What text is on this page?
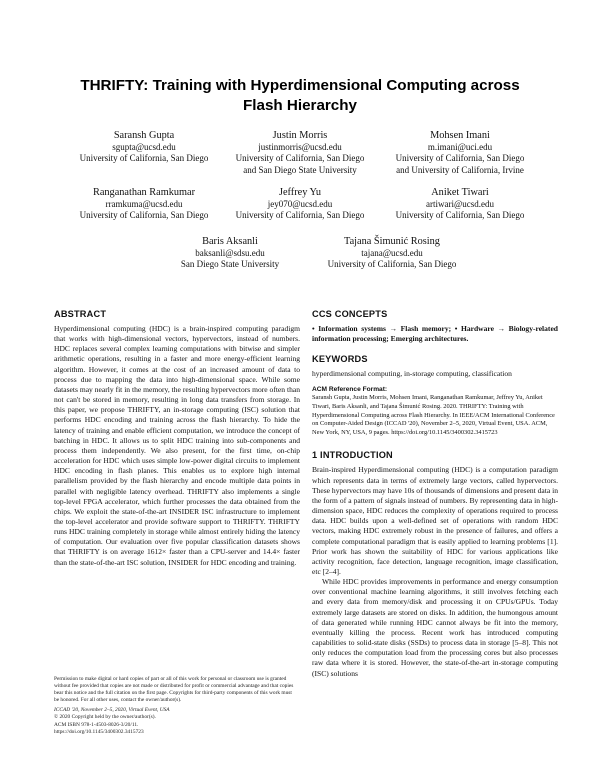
THRIFTY: Training with Hyperdimensional Computing across
Flash Hierarchy
Saransh Gupta
sgupta@ucsd.edu
University of California, San Diego
Justin Morris
justinmorris@ucsd.edu
University of California, San Diego
and San Diego State University
Mohsen Imani
m.imani@uci.edu
University of California, San Diego
and University of California, Irvine
Ranganathan Ramkumar
rramkuma@ucsd.edu
University of California, San Diego
Jeffrey Yu
jey070@ucsd.edu
University of California, San Diego
Aniket Tiwari
artiwari@ucsd.edu
University of California, San Diego
Baris Aksanli
baksanli@sdsu.edu
San Diego State University
Tajana Šimunić Rosing
tajana@ucsd.edu
University of California, San Diego
ABSTRACT

Hyperdimensional computing (HDC) is a brain-inspired computing paradigm that works with high-dimensional vectors, hypervectors, instead of numbers. HDC replaces several complex learning computations with bitwise and simpler arithmetic operations, resulting in a faster and more energy-efficient learning algorithm. However, it comes at the cost of an increased amount of data to process due to mapping the data into high-dimensional space. While some datasets may nearly fit in the memory, the resulting hypervectors more often than not can't be stored in memory, resulting in long data transfers from storage. In this paper, we propose THRIFTY, an in-storage computing (ISC) solution that performs HDC encoding and training across the flash hierarchy. To hide the latency of training and enable efficient computation, we introduce the concept of batching in HDC. It allows us to split HDC training into sub-components and process them independently. We also present, for the first time, on-chip acceleration for HDC which uses simple low-power digital circuits to implement HDC encoding in flash planes. This enables us to explore high internal parallelism provided by the flash hierarchy and encode multiple data points in parallel with negligible latency overhead. THRIFTY also implements a single top-level FPGA accelerator, which further processes the data obtained from the chips. We exploit the state-of-the-art INSIDER ISC infrastructure to implement the top-level accelerator and provide software support to THRIFTY. THRIFTY runs HDC training completely in storage while almost entirely hiding the latency of computation. Our evaluation over five popular classification datasets shows that THRIFTY is on average 1612× faster than a CPU-server and 14.4× faster than the state-of-the-art ISC solution, INSIDER for HDC encoding and training.

Permission to make digital or hard copies of part or all of this work for personal or classroom use is granted without fee provided that copies are not made or distributed for profit or commercial advantage and that copies bear this notice and the full citation on the first page. Copyrights for third-party components of this work must be honored. For all other uses, contact the owner/author(s).

ICCAD '20, November 2–5, 2020, Virtual Event, USA

© 2020 Copyright held by the owner/author(s).

ACM ISBN 978-1-4503-8026-3/20/11.

https://doi.org/10.1145/3400302.3415723

CCS CONCEPTS

• Information systems → Flash memory; • Hardware → Biology-related information processing; Emerging architectures.

KEYWORDS

hyperdimensional computing, in-storage computing, classification

ACM Reference Format:

Saransh Gupta, Justin Morris, Mohsen Imani, Ranganathan Ramkumar, Jeffrey Yu, Aniket Tiwari, Baris Aksanli, and Tajana Šimunić Rosing. 2020. THRIFTY: Training with Hyperdimensional Computing across Flash Hierarchy. In IEEE/ACM International Conference on Computer-Aided Design (ICCAD '20), November 2–5, 2020, Virtual Event, USA. ACM, New York, NY, USA, 9 pages. https://doi.org/10.1145/3400302.3415723

1 INTRODUCTION

Brain-inspired Hyperdimensional computing (HDC) is a computation paradigm which represents data in terms of extremely large vectors, called hypervectors. These hypervectors may have 10s of thousands of dimensions and present data in the form of a pattern of signals instead of numbers. By representing data in high-dimension space, HDC reduces the complexity of operations required to process data. HDC builds upon a well-defined set of operations with random HDC vectors, making HDC extremely robust in the presence of failures, and offers a complete computational paradigm that is easily applied to learning problems [1]. Prior work has shown the suitability of HDC for various applications like activity recognition, face detection, language recognition, image classification, etc [2–4].

While HDC provides improvements in performance and energy consumption over conventional machine learning algorithms, it still involves fetching each and every data from memory/disk and processing it on CPUs/GPUs. Today extremely large datasets are stored on disks. In addition, the humongous amount of data generated while running HDC cannot always be fit into the memory, eventually killing the process. Recent work has introduced computing capabilities to solid-state disks (SSDs) to process data in storage [5–8]. This not only reduces the computation load from the processing cores but also processes raw data where it is stored. However, the state-of-the-art in-storage computing (ISC) solutions
